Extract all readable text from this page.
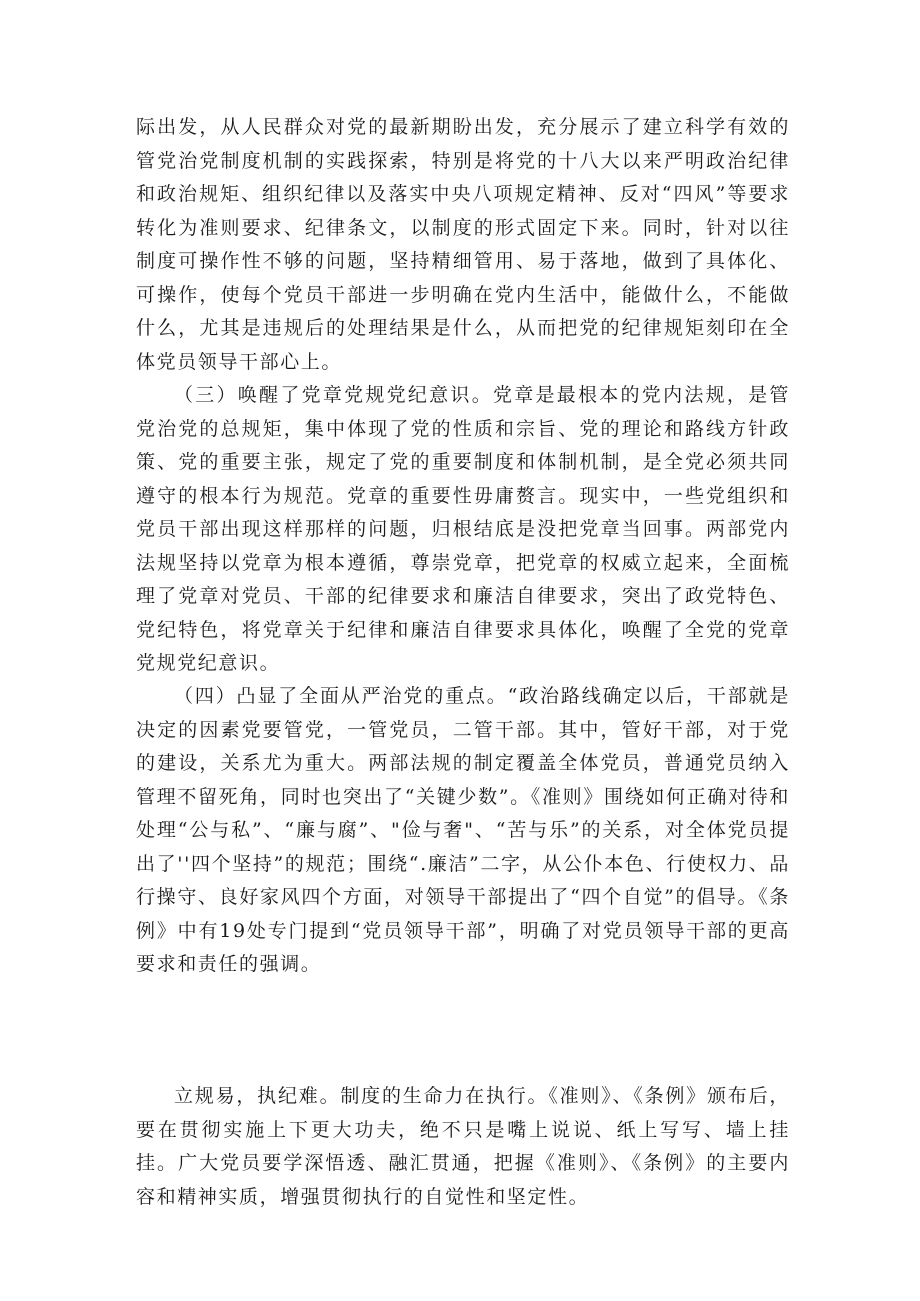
际出发，从人民群众对党的最新期盼出发，充分展示了建立科学有效的管党治党制度机制的实践探索，特别是将党的十八大以来严明政治纪律和政治规矩、组织纪律以及落实中央八项规定精神、反对“四风”等要求转化为准则要求、纪律条文，以制度的形式固定下来。同时，针对以往制度可操作性不够的问题，坚持精细管用、易于落地，做到了具体化、可操作，使每个党员干部进一步明确在党内生活中，能做什么，不能做什么，尤其是违规后的处理结果是什么，从而把党的纪律规矩刻印在全体党员领导干部心上。

（三）唤醒了党章党规党纪意识。党章是最根本的党内法规，是管党治党的总规矩，集中体现了党的性质和宗旨、党的理论和路线方针政策、党的重要主张，规定了党的重要制度和体制机制，是全党必须共同遵守的根本行为规范。党章的重要性毋庸赘言。现实中，一些党组织和党员干部出现这样那样的问题，归根结底是没把党章当回事。两部党内法规坚持以党章为根本遵循，尊崇党章，把党章的权威立起来，全面梳理了党章对党员、干部的纪律要求和廉洁自律要求，突出了政党特色、党纪特色，将党章关于纪律和廉洁自律要求具体化，唤醒了全党的党章党规党纪意识。

（四）凸显了全面从严治党的重点。“政治路线确定以后，干部就是决定的因素党要管党，一管党员，二管干部。其中，管好干部，对于党的建设，关系尤为重大。两部法规的制定覆盖全体党员，普通党员纳入管理不留死角，同时也突出了“关键少数”。《准则》围绕如何正确对待和处理“公与私”、“廉与腐”、"俭与奢"、“苦与乐”的关系，对全体党员提出了''四个坚持”的规范；围绕“.廉洁”二字，从公仆本色、行使权力、品行操守、良好家风四个方面，对领导干部提出了“四个自觉”的倡导。《条例》中有19处专门提到“党员领导干部”，明确了对党员领导干部的更高要求和责任的强调。

立规易，执纪难。制度的生命力在执行。《准则》、《条例》颁布后，要在贯彻实施上下更大功夫，绝不只是嘴上说说、纸上写写、墙上挂挂。广大党员要学深悟透、融汇贯通，把握《准则》、《条例》的主要内容和精神实质，增强贯彻执行的自觉性和坚定性。
